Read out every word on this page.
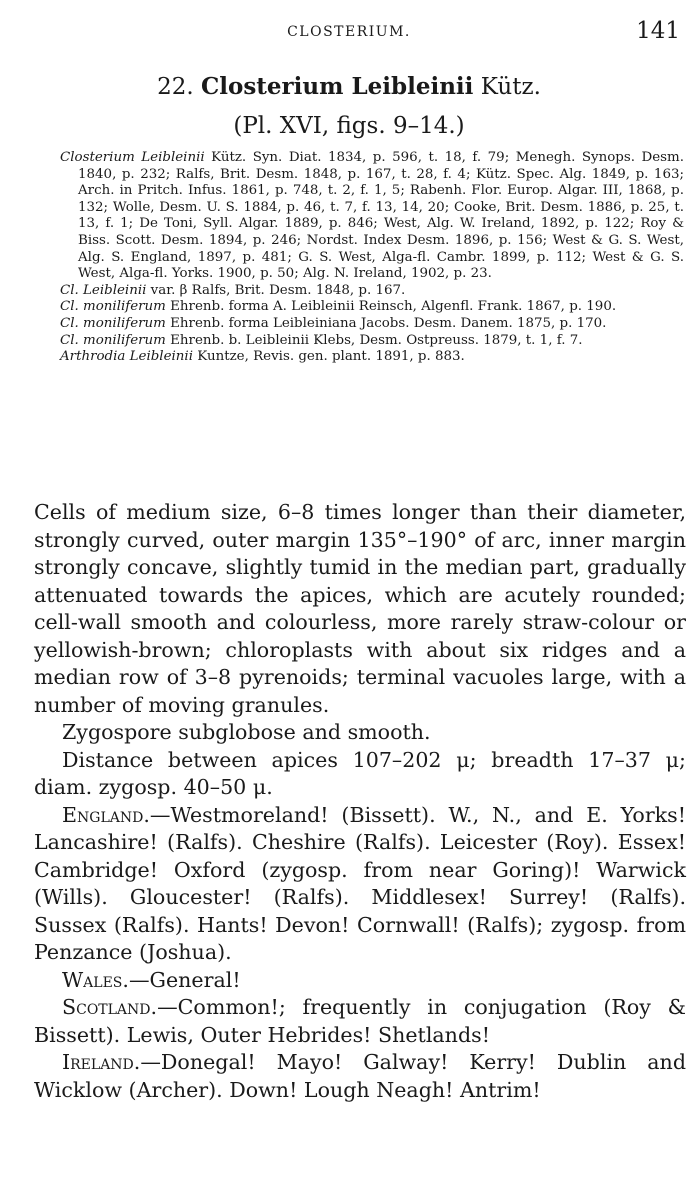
CLOSTERIUM.	141
22. Closterium Leibleinii Kütz.
(Pl. XVI, figs. 9–14.)
Closterium Leibleinii Kütz. Syn. Diat. 1834, p. 596, t. 18, f. 79; Menegh. Synops. Desm. 1840, p. 232; Ralfs, Brit. Desm. 1848, p. 167, t. 28, f. 4; Kütz. Spec. Alg. 1849, p. 163; Arch. in Pritch. Infus. 1861, p. 748, t. 2, f. 1, 5; Rabenh. Flor. Europ. Algar. III, 1868, p. 132; Wolle, Desm. U. S. 1884, p. 46, t. 7, f. 13, 14, 20; Cooke, Brit. Desm. 1886, p. 25, t. 13, f. 1; De Toni, Syll. Algar. 1889, p. 846; West, Alg. W. Ireland, 1892, p. 122; Roy & Biss. Scott. Desm. 1894, p. 246; Nordst. Index Desm. 1896, p. 156; West & G. S. West, Alg. S. England, 1897, p. 481; G. S. West, Alga-fl. Cambr. 1899, p. 112; West & G. S. West, Alga-fl. Yorks. 1900, p. 50; Alg. N. Ireland, 1902, p. 23.
Cl. Leibleinii var. β Ralfs, Brit. Desm. 1848, p. 167.
Cl. moniliferum Ehrenb. forma A. Leibleinii Reinsch, Algenfl. Frank. 1867, p. 190.
Cl. moniliferum Ehrenb. forma Leibleiniana Jacobs. Desm. Danem. 1875, p. 170.
Cl. moniliferum Ehrenb. b. Leibleinii Klebs, Desm. Ostpreuss. 1879, t. 1, f. 7.
Arthrodia Leibleinii Kuntze, Revis. gen. plant. 1891, p. 883.

Cells of medium size, 6–8 times longer than their diameter, strongly curved, outer margin 135°–190° of arc, inner margin strongly concave, slightly tumid in the median part, gradually attenuated towards the apices, which are acutely rounded; cell-wall smooth and colourless, more rarely straw-colour or yellowish-brown; chloroplasts with about six ridges and a median row of 3–8 pyrenoids; terminal vacuoles large, with a number of moving granules.

Zygospore subglobose and smooth.

Distance between apices 107–202 μ; breadth 17–37 μ; diam. zygosp. 40–50 μ.

England.—Westmoreland! (Bissett). W., N., and E. Yorks! Lancashire! (Ralfs). Cheshire (Ralfs). Leicester (Roy). Essex! Cambridge! Oxford (zygosp. from near Goring)! Warwick (Wills). Gloucester! (Ralfs). Middlesex! Surrey! (Ralfs). Sussex (Ralfs). Hants! Devon! Cornwall! (Ralfs); zygosp. from Penzance (Joshua).

Wales.—General!

Scotland.—Common!; frequently in conjugation (Roy & Bissett). Lewis, Outer Hebrides! Shetlands!

Ireland.—Donegal! Mayo! Galway! Kerry! Dublin and Wicklow (Archer). Down! Lough Neagh! Antrim!
